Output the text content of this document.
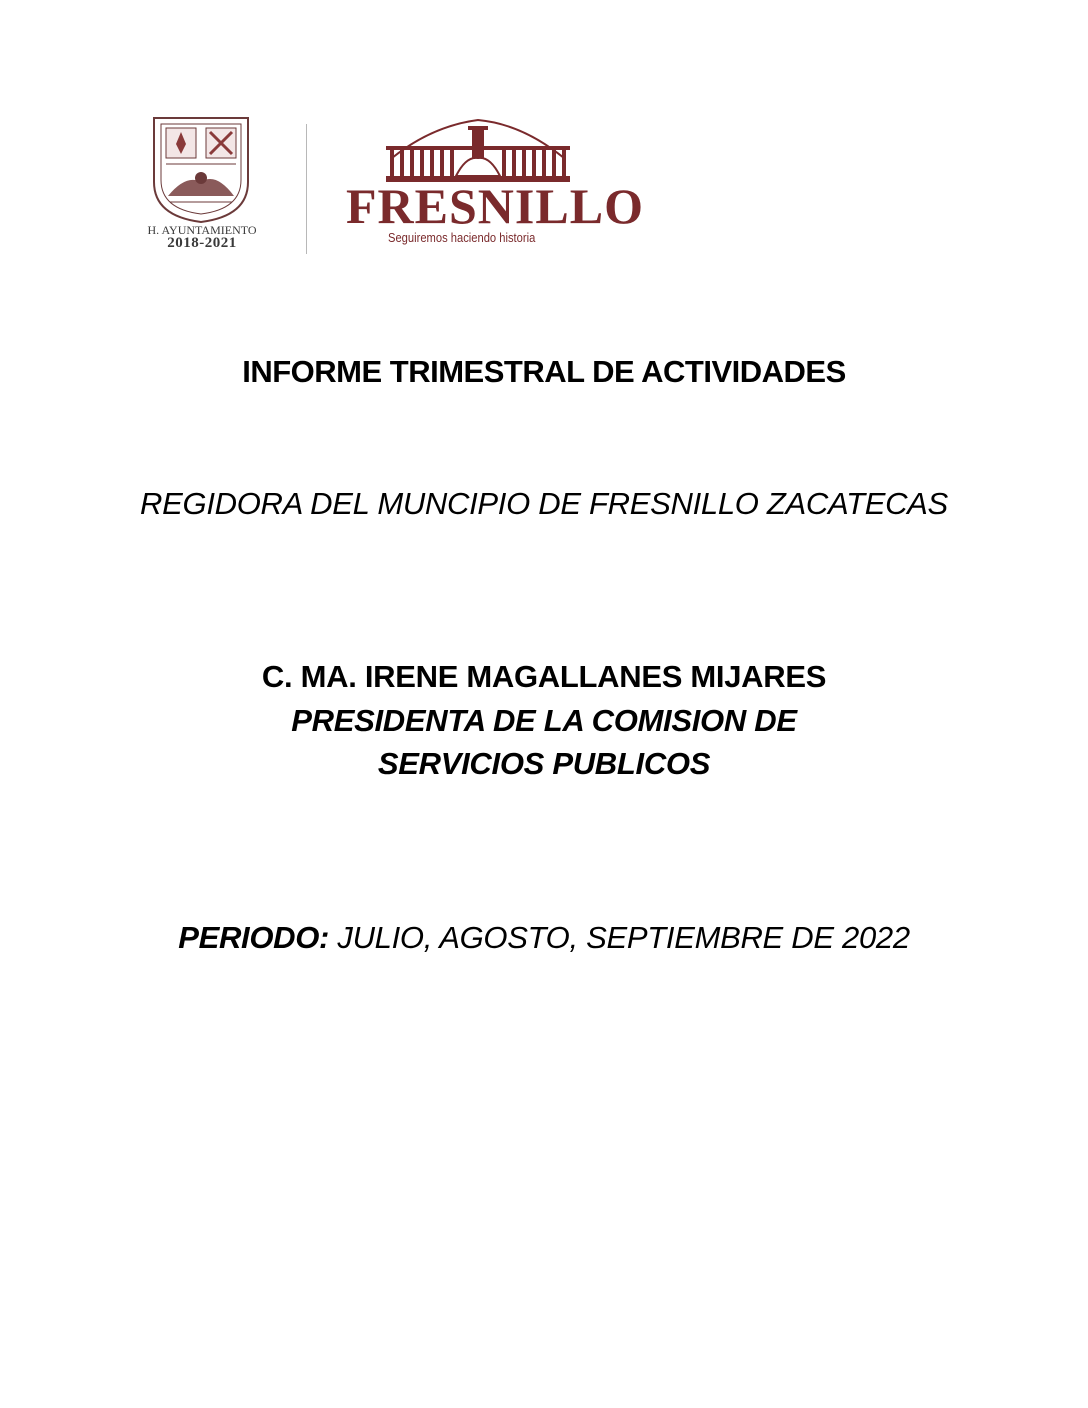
H. AYUNTAMIENTO
2018-2021
FRESNILLO
Seguiremos haciendo historia
INFORME TRIMESTRAL DE ACTIVIDADES
REGIDORA DEL MUNCIPIO DE FRESNILLO ZACATECAS
C. MA. IRENE MAGALLANES MIJARES
PRESIDENTA DE LA COMISION DE
SERVICIOS PUBLICOS
PERIODO: JULIO, AGOSTO, SEPTIEMBRE DE 2022
